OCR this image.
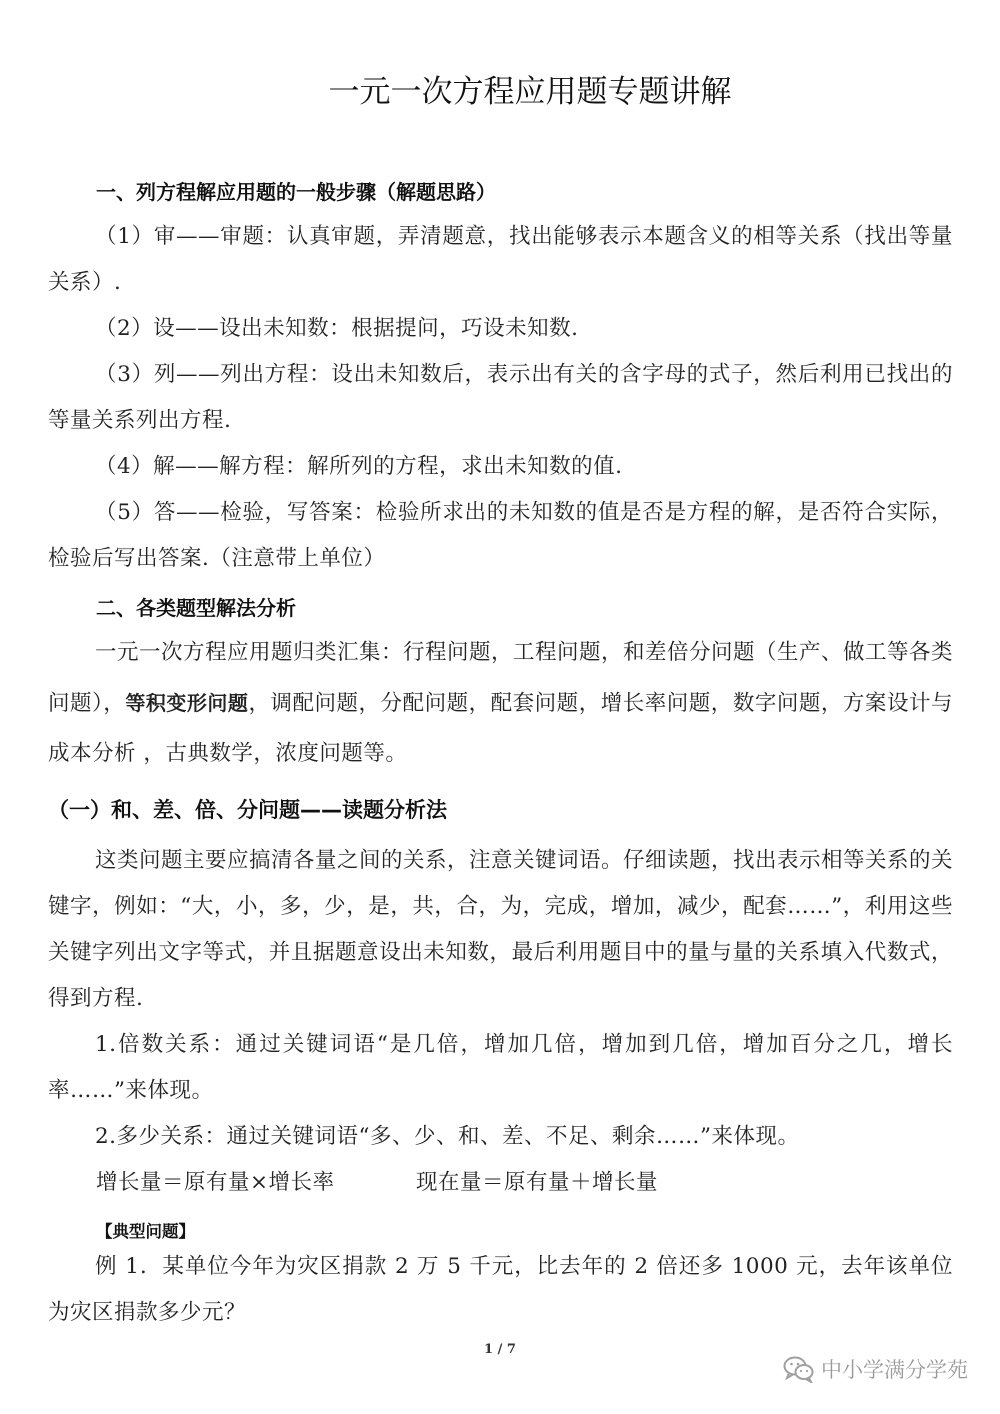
一元一次方程应用题专题讲解
一、列方程解应用题的一般步骤（解题思路）

（1）审——审题：认真审题，弄清题意，找出能够表示本题含义的相等关系（找出等量关系）.

（2）设——设出未知数：根据提问，巧设未知数.

（3）列——列出方程：设出未知数后，表示出有关的含字母的式子，然后利用已找出的等量关系列出方程.

（4）解——解方程：解所列的方程，求出未知数的值.

（5）答——检验，写答案：检验所求出的未知数的值是否是方程的解，是否符合实际，检验后写出答案.（注意带上单位）

二、各类题型解法分析

一元一次方程应用题归类汇集：行程问题，工程问题，和差倍分问题（生产、做工等各类问题），等积变形问题，调配问题，分配问题，配套问题，增长率问题，数字问题，方案设计与成本分析 ，古典数学，浓度问题等。

（一）和、差、倍、分问题——读题分析法

这类问题主要应搞清各量之间的关系，注意关键词语。仔细读题，找出表示相等关系的关键字，例如：“大，小，多，少，是，共，合，为，完成，增加，减少，配套……”，利用这些关键字列出文字等式，并且据题意设出未知数，最后利用题目中的量与量的关系填入代数式，得到方程.

1.倍数关系：通过关键词语“是几倍，增加几倍，增加到几倍，增加百分之几，增长率……”来体现。

2.多少关系：通过关键词语“多、少、和、差、不足、剩余……”来体现。

增长量＝原有量×增长率	现在量＝原有量＋增长量
【典型问题】

例 1．某单位今年为灾区捐款 2 万 5 千元，比去年的 2 倍还多 1000 元，去年该单位为灾区捐款多少元？

1 / 7
中小学满分学苑
